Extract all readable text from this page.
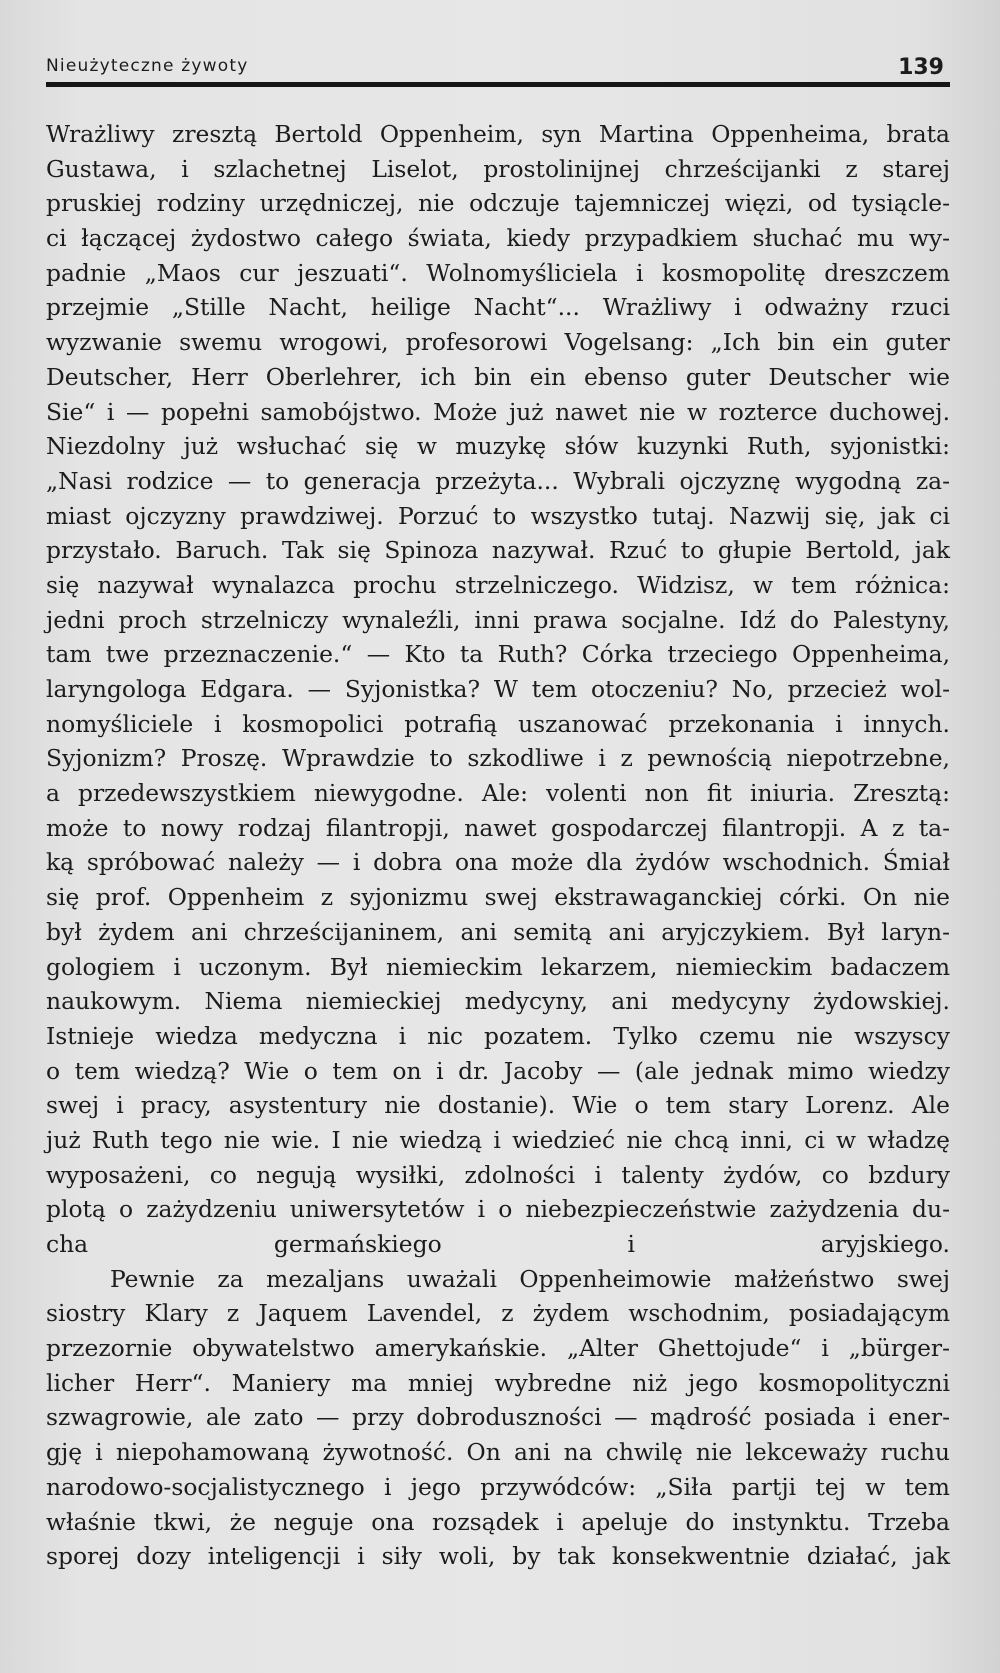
Nieużyteczne żywoty	139
Wrażliwy zresztą Bertold Oppenheim, syn Martina Oppenheima, brata
Gustawa, i szlachetnej Liselot, prostolinijnej chrześcijanki z starej
pruskiej rodziny urzędniczej, nie odczuje tajemniczej więzi, od tysiącle-
ci łączącej żydostwo całego świata, kiedy przypadkiem słuchać mu wy-
padnie „Maos cur jeszuati“. Wolnomyśliciela i kosmopolitę dreszczem
przejmie „Stille Nacht, heilige Nacht“... Wrażliwy i odważny rzuci
wyzwanie swemu wrogowi, profesorowi Vogelsang: „Ich bin ein guter
Deutscher, Herr Oberlehrer, ich bin ein ebenso guter Deutscher wie
Sie“ i — popełni samobójstwo. Może już nawet nie w rozterce duchowej.
Niezdolny już wsłuchać się w muzykę słów kuzynki Ruth, syjonistki:
„Nasi rodzice — to generacja przeżyta... Wybrali ojczyznę wygodną za-
miast ojczyzny prawdziwej. Porzuć to wszystko tutaj. Nazwij się, jak ci
przystało. Baruch. Tak się Spinoza nazywał. Rzuć to głupie Bertold, jak
się nazywał wynalazca prochu strzelniczego. Widzisz, w tem różnica:
jedni proch strzelniczy wynaleźli, inni prawa socjalne. Idź do Palestyny,
tam twe przeznaczenie.“ — Kto ta Ruth? Córka trzeciego Oppenheima,
laryngologa Edgara. — Syjonistka? W tem otoczeniu? No, przecież wol-
nomyśliciele i kosmopolici potrafią uszanować przekonania i innych.
Syjonizm? Proszę. Wprawdzie to szkodliwe i z pewnością niepotrzebne,
a przedewszystkiem niewygodne. Ale: volenti non fit iniuria. Zresztą:
może to nowy rodzaj filantropji, nawet gospodarczej filantropji. A z ta-
ką spróbować należy — i dobra ona może dla żydów wschodnich. Śmiał
się prof. Oppenheim z syjonizmu swej ekstrawaganckiej córki. On nie
był żydem ani chrześcijaninem, ani semitą ani aryjczykiem. Był laryn-
gologiem i uczonym. Był niemieckim lekarzem, niemieckim badaczem
naukowym. Niema niemieckiej medycyny, ani medycyny żydowskiej.
Istnieje wiedza medyczna i nic pozatem. Tylko czemu nie wszyscy
o tem wiedzą? Wie o tem on i dr. Jacoby — (ale jednak mimo wiedzy
swej i pracy, asystentury nie dostanie). Wie o tem stary Lorenz. Ale
już Ruth tego nie wie. I nie wiedzą i wiedzieć nie chcą inni, ci w władzę
wyposażeni, co negują wysiłki, zdolności i talenty żydów, co bzdury
plotą o zażydzeniu uniwersytetów i o niebezpieczeństwie zażydzenia du-
cha germańskiego i aryjskiego.
Pewnie za mezaljans uważali Oppenheimowie małżeństwo swej
siostry Klary z Jaquem Lavendel, z żydem wschodnim, posiadającym
przezornie obywatelstwo amerykańskie. „Alter Ghettojude“ i „bürger-
licher Herr“. Maniery ma mniej wybredne niż jego kosmopolityczni
szwagrowie, ale zato — przy dobroduszności — mądrość posiada i ener-
gję i niepohamowaną żywotność. On ani na chwilę nie lekceważy ruchu
narodowo-socjalistycznego i jego przywódców: „Siła partji tej w tem
właśnie tkwi, że neguje ona rozsądek i apeluje do instynktu. Trzeba
sporej dozy inteligencji i siły woli, by tak konsekwentnie działać, jak
